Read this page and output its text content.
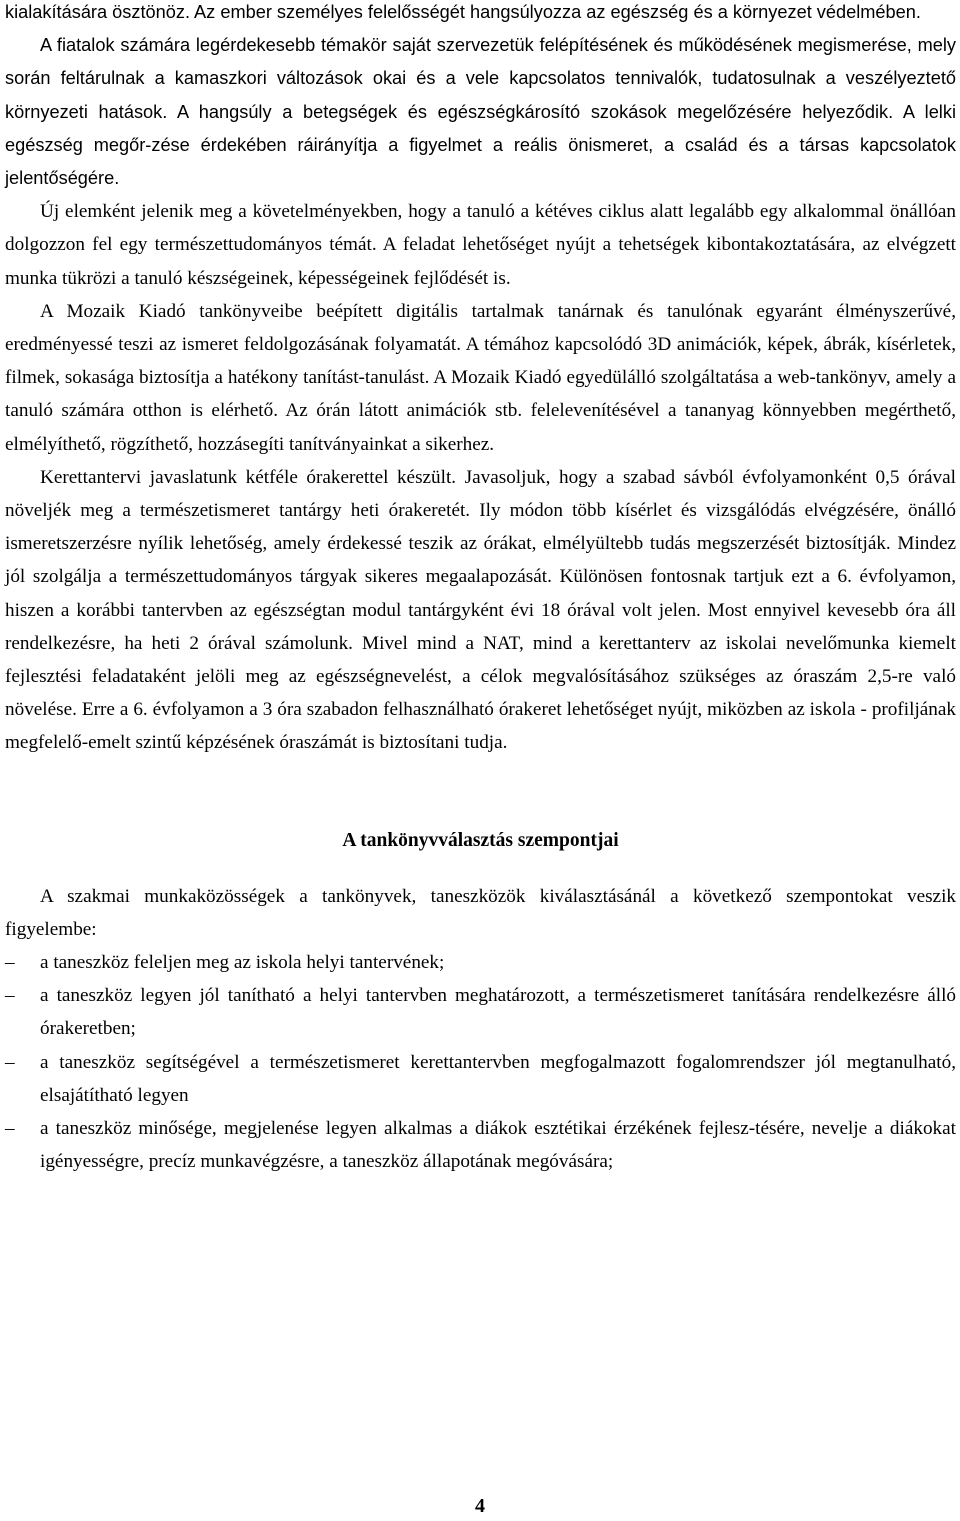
kialakítására ösztönöz. Az ember személyes felelősségét hangsúlyozza az egészség és a környezet védelmében.

A fiatalok számára legérdekesebb témakör saját szervezetük felépítésének és működésének megismerése, mely során feltárulnak a kamaszkori változások okai és a vele kapcsolatos tennivalók, tudatosulnak a veszélyeztető környezeti hatások. A hangsúly a betegségek és egészségkárosító szokások megelőzésére helyeződik. A lelki egészség megőr-zése érdekében ráirányítja a figyelmet a reális önismeret, a család és a társas kapcsolatok jelentőségére.

Új elemként jelenik meg a követelményekben, hogy a tanuló a kétéves ciklus alatt legalább egy alkalommal önállóan dolgozzon fel egy természettudományos témát. A feladat lehetőséget nyújt a tehetségek kibontakoztatására, az elvégzett munka tükrözi a tanuló készségeinek, képességeinek fejlődését is.

A Mozaik Kiadó tankönyveibe beépített digitális tartalmak tanárnak és tanulónak egyaránt élményszerűvé, eredményessé teszi az ismeret feldolgozásának folyamatát. A témához kapcsolódó 3D animációk, képek, ábrák, kísérletek, filmek, sokasága biztosítja a hatékony tanítást-tanulást. A Mozaik Kiadó egyedülálló szolgáltatása a web-tankönyv, amely a tanuló számára otthon is elérhető. Az órán látott animációk stb. felelevenítésével a tananyag könnyebben megérthető, elmélyíthető, rögzíthető, hozzásegíti tanítványainkat a sikerhez.

Kerettantervi javaslatunk kétféle órakerettel készült. Javasoljuk, hogy a szabad sávból évfolyamonként 0,5 órával növeljék meg a természetismeret tantárgy heti órakeretét. Ily módon több kísérlet és vizsgálódás elvégzésére, önálló ismeretszerzésre nyílik lehetőség, amely érdekessé teszik az órákat, elmélyültebb tudás megszerzését biztosítják. Mindez jól szolgálja a természettudományos tárgyak sikeres megaalapozását. Különösen fontosnak tartjuk ezt a 6. évfolyamon, hiszen a korábbi tantervben az egészségtan modul tantárgyként évi 18 órával volt jelen. Most ennyivel kevesebb óra áll rendelkezésre, ha heti 2 órával számolunk. Mivel mind a NAT, mind a kerettanterv az iskolai nevelőmunka kiemelt fejlesztési feladataként jelöli meg az egészségnevelést, a célok megvalósításához szükséges az óraszám 2,5-re való növelése. Erre a 6. évfolyamon a 3 óra szabadon felhasználható órakeret lehetőséget nyújt, miközben az iskola - profiljának megfelelő-emelt szintű képzésének óraszámát is biztosítani tudja.

A tankönyvválasztás szempontjai

A szakmai munkaközösségek a tankönyvek, taneszközök kiválasztásánál a következő szempontokat veszik figyelembe:

–	a taneszköz feleljen meg az iskola helyi tantervének;
–	a taneszköz legyen jól tanítható a helyi tantervben meghatározott, a természetismeret tanítására rendelkezésre álló órakeretben;
–	a taneszköz segítségével a természetismeret kerettantervben megfogalmazott fogalomrendszer jól megtanulható, elsajátítható legyen
–	a taneszköz minősége, megjelenése legyen alkalmas a diákok esztétikai érzékének fejlesz-tésére, nevelje a diákokat igényességre, precíz munkavégzésre, a taneszköz állapotának megóvására;
4
